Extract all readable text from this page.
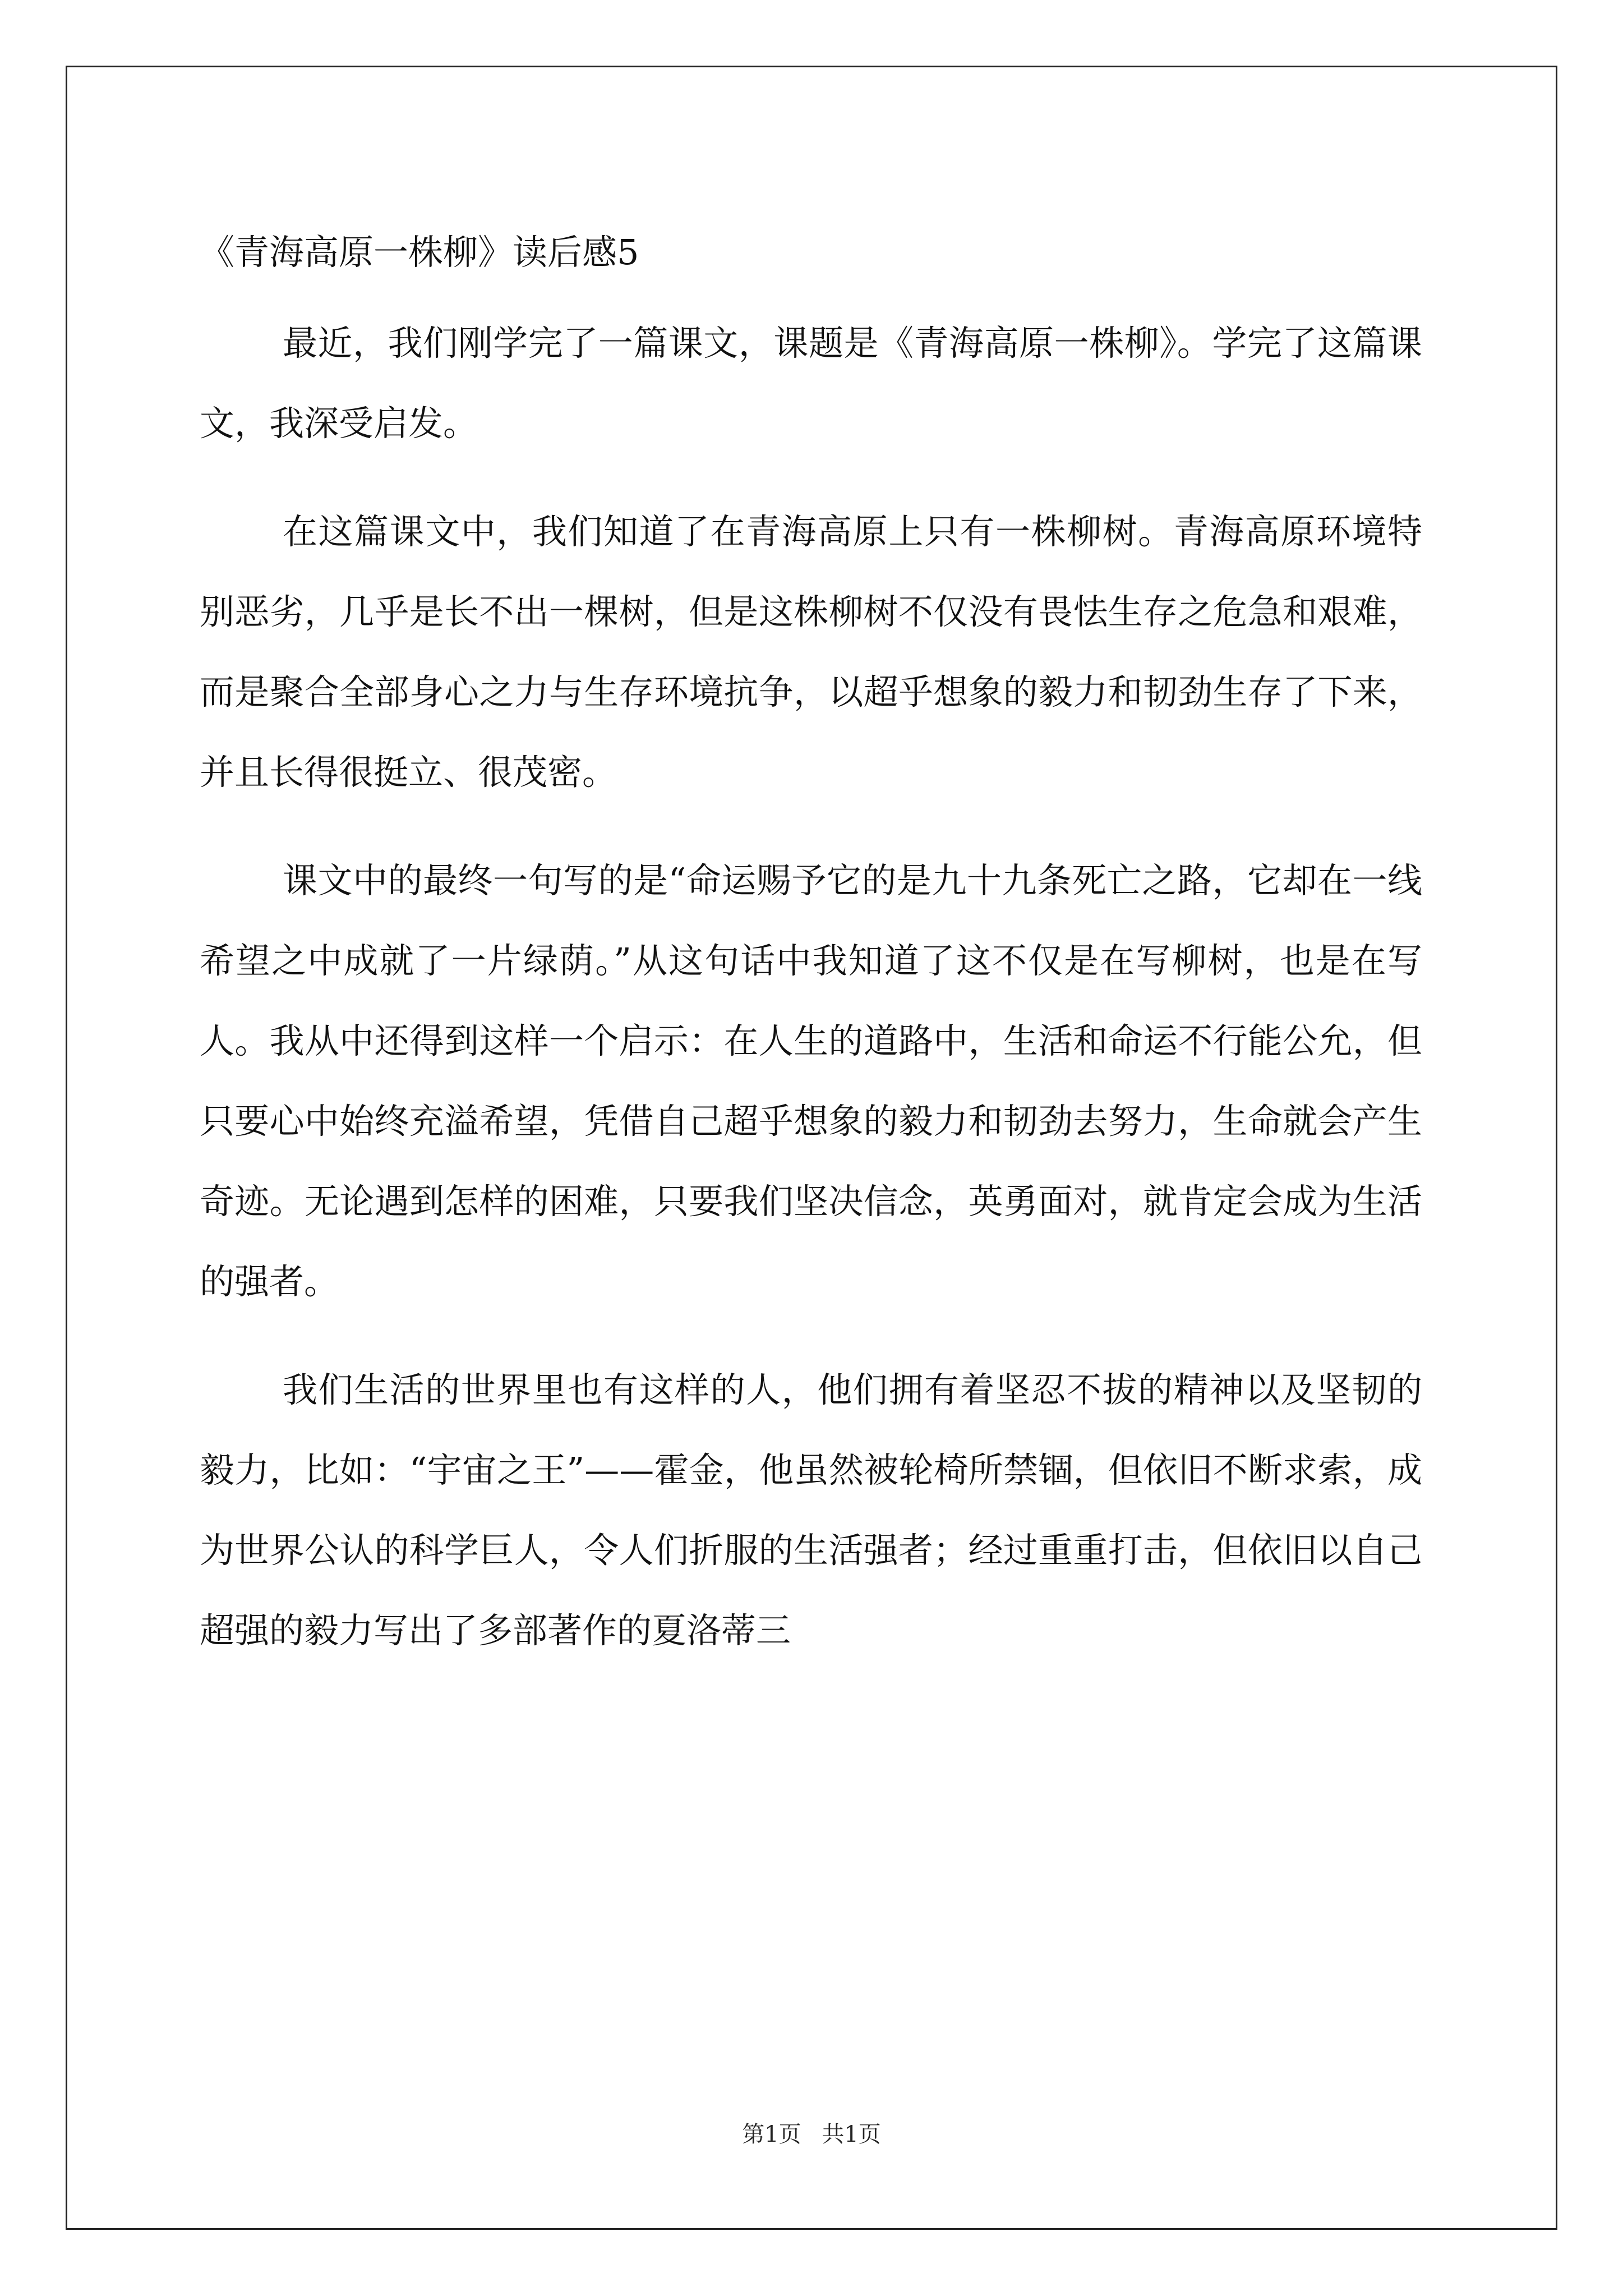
《青海高原一株柳》读后感5

最近，我们刚学完了一篇课文，课题是《青海高原一株柳》。学完了这篇课文，我深受启发。

在这篇课文中，我们知道了在青海高原上只有一株柳树。青海高原环境特别恶劣，几乎是长不出一棵树，但是这株柳树不仅没有畏怯生存之危急和艰难，而是聚合全部身心之力与生存环境抗争，以超乎想象的毅力和韧劲生存了下来，并且长得很挺立、很茂密。

课文中的最终一句写的是“命运赐予它的是九十九条死亡之路，它却在一线希望之中成就了一片绿荫。”从这句话中我知道了这不仅是在写柳树，也是在写人。我从中还得到这样一个启示：在人生的道路中，生活和命运不行能公允，但只要心中始终充溢希望，凭借自己超乎想象的毅力和韧劲去努力，生命就会产生奇迹。无论遇到怎样的困难，只要我们坚决信念，英勇面对，就肯定会成为生活的强者。

我们生活的世界里也有这样的人，他们拥有着坚忍不拔的精神以及坚韧的毅力，比如：“宇宙之王”——霍金，他虽然被轮椅所禁锢，但依旧不断求索，成为世界公认的科学巨人，令人们折服的生活强者；经过重重打击，但依旧以自己超强的毅力写出了多部著作的夏洛蒂三

第1页 共1页
